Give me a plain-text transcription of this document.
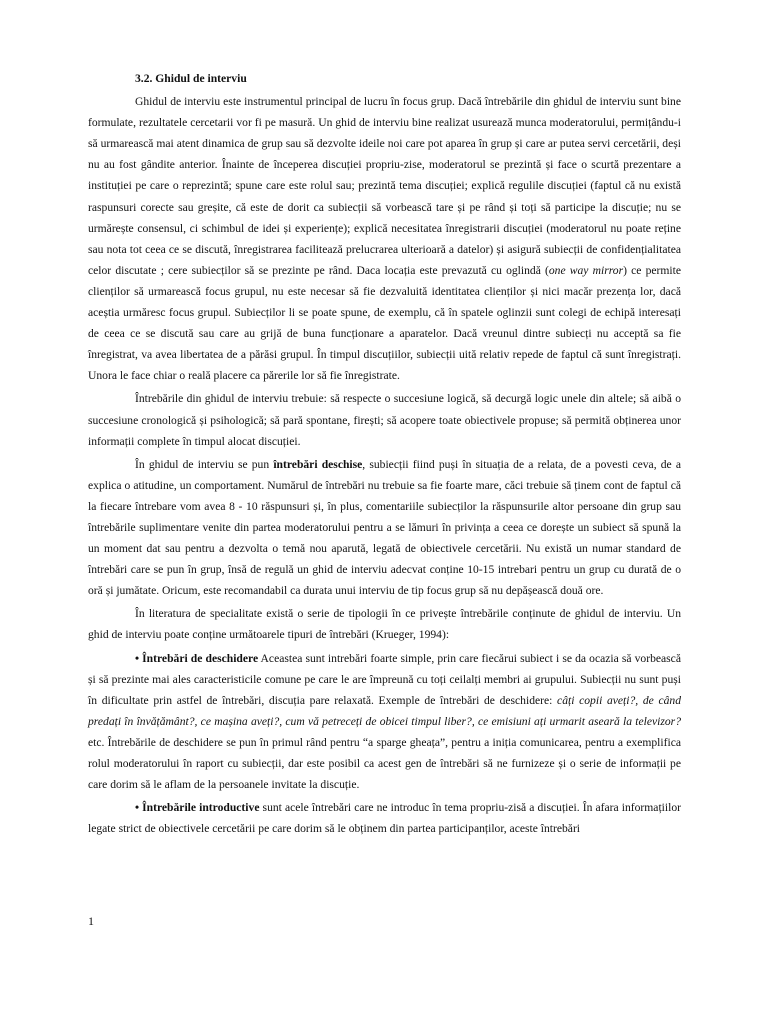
3.2. Ghidul de interviu

Ghidul de interviu este instrumentul principal de lucru în focus grup. Dacă întrebările din ghidul de interviu sunt bine formulate, rezultatele cercetarii vor fi pe masură. Un ghid de interviu bine realizat usurează munca moderatorului, permițându-i să urmarească mai atent dinamica de grup sau să dezvolte ideile noi care pot aparea în grup și care ar putea servi cercetării, deși nu au fost gândite anterior. Înainte de începerea discuției propriu-zise, moderatorul se prezintă și face o scurtă prezentare a instituției pe care o reprezintă; spune care este rolul sau; prezintă tema discuției; explică regulile discuției (faptul că nu există raspunsuri corecte sau greșite, că este de dorit ca subiecții să vorbească tare și pe rând și toți să participe la discuție; nu se urmărește consensul, ci schimbul de idei și experiențe); explică necesitatea înregistrarii discuției (moderatorul nu poate reține sau nota tot ceea ce se discută, înregistrarea facilitează prelucrarea ulterioară a datelor) și asigură subiecții de confidențialitatea celor discutate ; cere subiecților să se prezinte pe rând. Daca locația este prevazută cu oglindă (one way mirror) ce permite clienților să urmarească focus grupul, nu este necesar să fie dezvaluită identitatea clienților și nici macăr prezența lor, dacă aceștia urmăresc focus grupul. Subiecților li se poate spune, de exemplu, că în spatele oglinzii sunt colegi de echipă interesați de ceea ce se discută sau care au grijă de buna funcționare a aparatelor. Dacă vreunul dintre subiecți nu acceptă sa fie înregistrat, va avea libertatea de a părăsi grupul. În timpul discuțiilor, subiecții uită relativ repede de faptul că sunt înregistrați. Unora le face chiar o reală placere ca părerile lor să fie înregistrate.

Întrebările din ghidul de interviu trebuie: să respecte o succesiune logică, să decurgă logic unele din altele; să aibă o succesiune cronologică și psihologică; să pară spontane, firești; să acopere toate obiectivele propuse; să permită obținerea unor informații complete în timpul alocat discuției.

În ghidul de interviu se pun întrebări deschise, subiecții fiind puși în situația de a relata, de a povesti ceva, de a explica o atitudine, un comportament. Numărul de întrebări nu trebuie sa fie foarte mare, căci trebuie să ținem cont de faptul că la fiecare întrebare vom avea 8 - 10 răspunsuri și, în plus, comentariile subiecților la răspunsurile altor persoane din grup sau întrebările suplimentare venite din partea moderatorului pentru a se lămuri în privința a ceea ce dorește un subiect să spună la un moment dat sau pentru a dezvolta o temă nou aparută, legată de obiectivele cercetării. Nu există un numar standard de întrebări care se pun în grup, însă de regulă un ghid de interviu adecvat conține 10-15 intrebari pentru un grup cu durată de o oră și jumătate. Oricum, este recomandabil ca durata unui interviu de tip focus grup să nu depășească două ore.

În literatura de specialitate există o serie de tipologii în ce privește întrebările conținute de ghidul de interviu. Un ghid de interviu poate conține următoarele tipuri de întrebări (Krueger, 1994):

• Întrebări de deschidere Aceastea sunt intrebări foarte simple, prin care fiecărui subiect i se da ocazia să vorbească și să prezinte mai ales caracteristicile comune pe care le are împreună cu toți ceilalți membri ai grupului. Subiecții nu sunt puși în dificultate prin astfel de întrebări, discuția pare relaxată. Exemple de întrebări de deschidere: câți copii aveți?, de când predați în învățământ?, ce mașina aveți?, cum vă petreceți de obicei timpul liber?, ce emisiuni ați urmarit aseară la televizor? etc. Întrebările de deschidere se pun în primul rând pentru “a sparge gheața”, pentru a iniția comunicarea, pentru a exemplifica rolul moderatorului în raport cu subiecții, dar este posibil ca acest gen de întrebări să ne furnizeze și o serie de informații pe care dorim să le aflam de la persoanele invitate la discuție.

• Întrebările introductive sunt acele întrebări care ne introduc în tema propriu-zisă a discuției. În afara informațiilor legate strict de obiectivele cercetării pe care dorim să le obținem din partea participanților, aceste întrebări

1
